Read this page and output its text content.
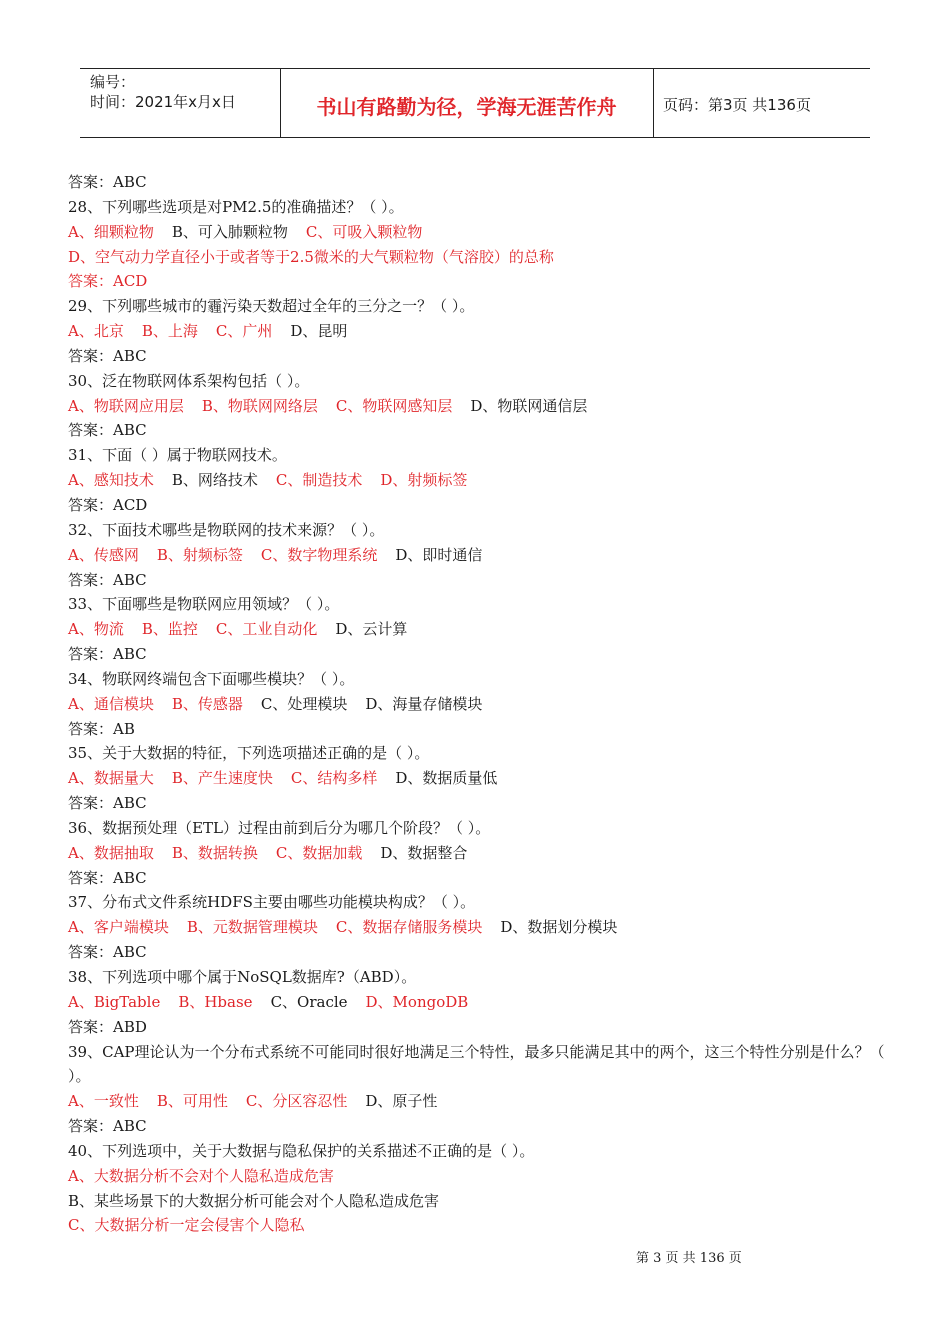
编号：
时间：2021年x月x日	书山有路勤为径，学海无涯苦作舟	页码：第3页 共136页
答案：ABC
28、下列哪些选项是对PM2.5的准确描述？（ ）。
A、细颗粒物 B、可入肺颗粒物 C、可吸入颗粒物
D、空气动力学直径小于或者等于2.5微米的大气颗粒物（气溶胶）的总称
答案：ACD
29、下列哪些城市的霾污染天数超过全年的三分之一？（ ）。
A、北京 B、上海 C、广州 D、昆明
答案：ABC
30、泛在物联网体系架构包括（ ）。
A、物联网应用层 B、物联网网络层 C、物联网感知层 D、物联网通信层
答案：ABC
31、下面（ ）属于物联网技术。
A、感知技术 B、网络技术 C、制造技术 D、射频标签
答案：ACD
32、下面技术哪些是物联网的技术来源？（ ）。
A、传感网 B、射频标签 C、数字物理系统 D、即时通信
答案：ABC
33、下面哪些是物联网应用领域？（ ）。
A、物流 B、监控 C、工业自动化 D、云计算
答案：ABC
34、物联网终端包含下面哪些模块？（ ）。
A、通信模块 B、传感器 C、处理模块 D、海量存储模块
答案：AB
35、关于大数据的特征，下列选项描述正确的是（ ）。
A、数据量大 B、产生速度快 C、结构多样 D、数据质量低
答案：ABC
36、数据预处理（ETL）过程由前到后分为哪几个阶段？（ ）。
A、数据抽取 B、数据转换 C、数据加载 D、数据整合
答案：ABC
37、分布式文件系统HDFS主要由哪些功能模块构成？（ ）。
A、客户端模块 B、元数据管理模块 C、数据存储服务模块 D、数据划分模块
答案：ABC
38、下列选项中哪个属于NoSQL数据库?（ABD）。
A、BigTable B、Hbase C、Oracle D、MongoDB
答案：ABD
39、CAP理论认为一个分布式系统不可能同时很好地满足三个特性，最多只能满足其中的两个，这三个特性分别是什么？（ ）。
A、一致性 B、可用性 C、分区容忍性 D、原子性
答案：ABC
40、下列选项中，关于大数据与隐私保护的关系描述不正确的是（ ）。
A、大数据分析不会对个人隐私造成危害
B、某些场景下的大数据分析可能会对个人隐私造成危害
C、大数据分析一定会侵害个人隐私
第 3 页 共 136 页
